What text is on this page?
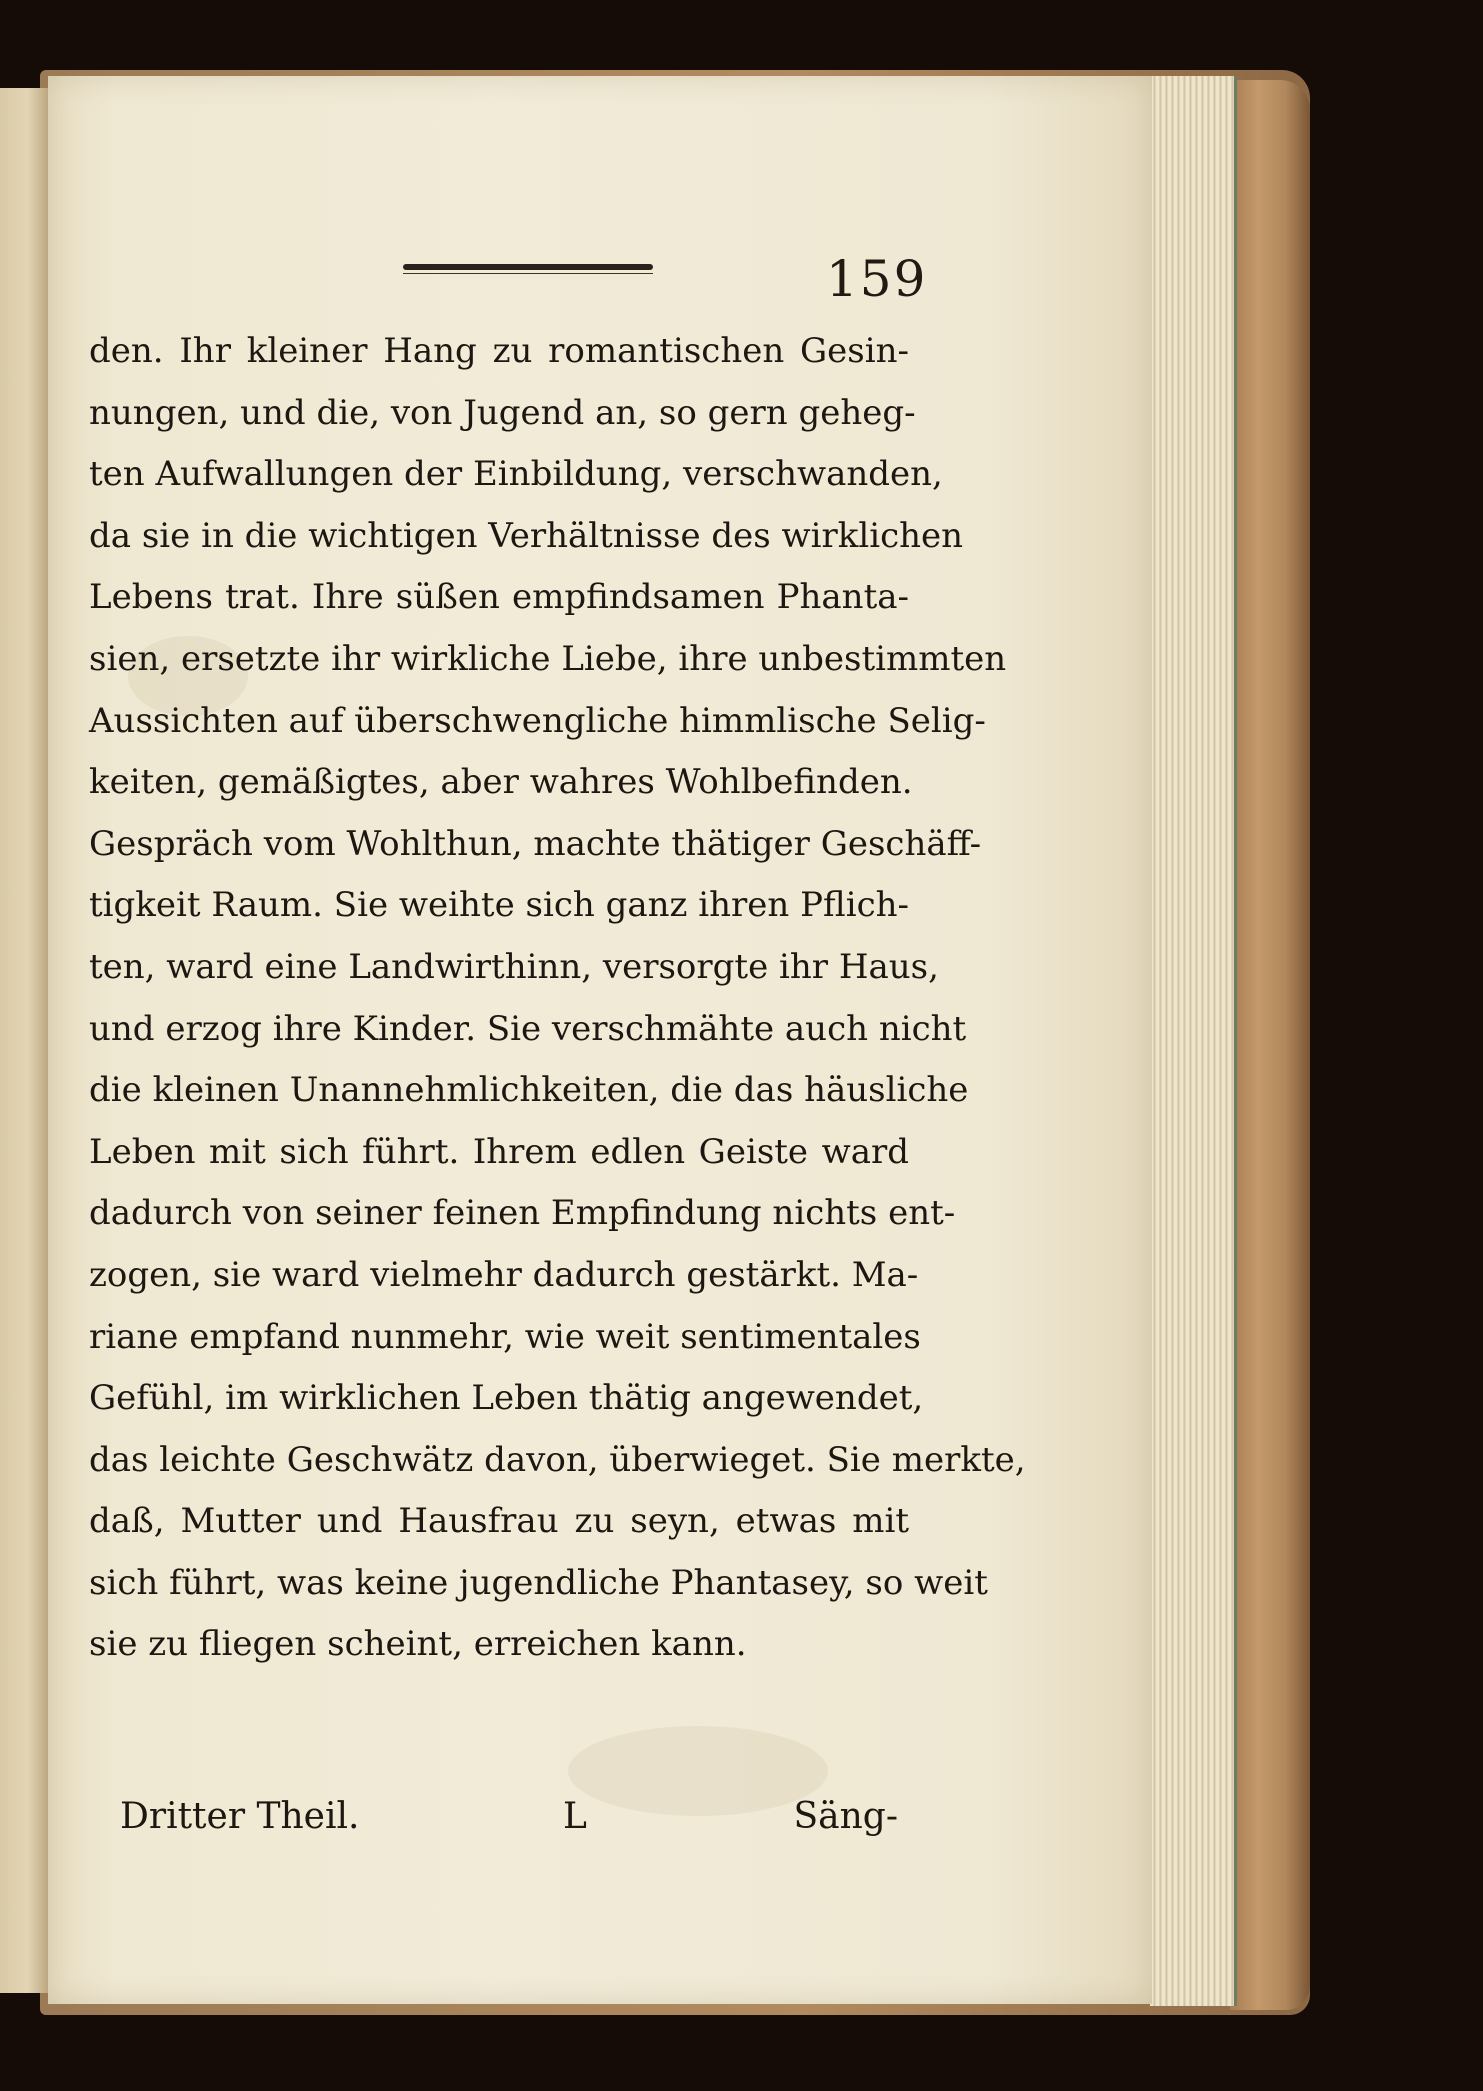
159
den. Ihr kleiner Hang zu romantischen Gesin-
nungen, und die, von Jugend an, so gern geheg-
ten Aufwallungen der Einbildung, verschwanden,
da sie in die wichtigen Verhältnisse des wirklichen
Lebens trat. Ihre süßen empfindsamen Phanta-
sien, ersetzte ihr wirkliche Liebe, ihre unbestimmten
Aussichten auf überschwengliche himmlische Selig-
keiten, gemäßigtes, aber wahres Wohlbefinden.
Gespräch vom Wohlthun, machte thätiger Geschäff-
tigkeit Raum. Sie weihte sich ganz ihren Pflich-
ten, ward eine Landwirthinn, versorgte ihr Haus,
und erzog ihre Kinder. Sie verschmähte auch nicht
die kleinen Unannehmlichkeiten, die das häusliche
Leben mit sich führt. Ihrem edlen Geiste ward
dadurch von seiner feinen Empfindung nichts ent-
zogen, sie ward vielmehr dadurch gestärkt. Ma-
riane empfand nunmehr, wie weit sentimentales
Gefühl, im wirklichen Leben thätig angewendet,
das leichte Geschwätz davon, überwieget. Sie merkte,
daß, Mutter und Hausfrau zu seyn, etwas mit
sich führt, was keine jugendliche Phantasey, so weit
sie zu fliegen scheint, erreichen kann.
Dritter Theil.	L	Säng-
